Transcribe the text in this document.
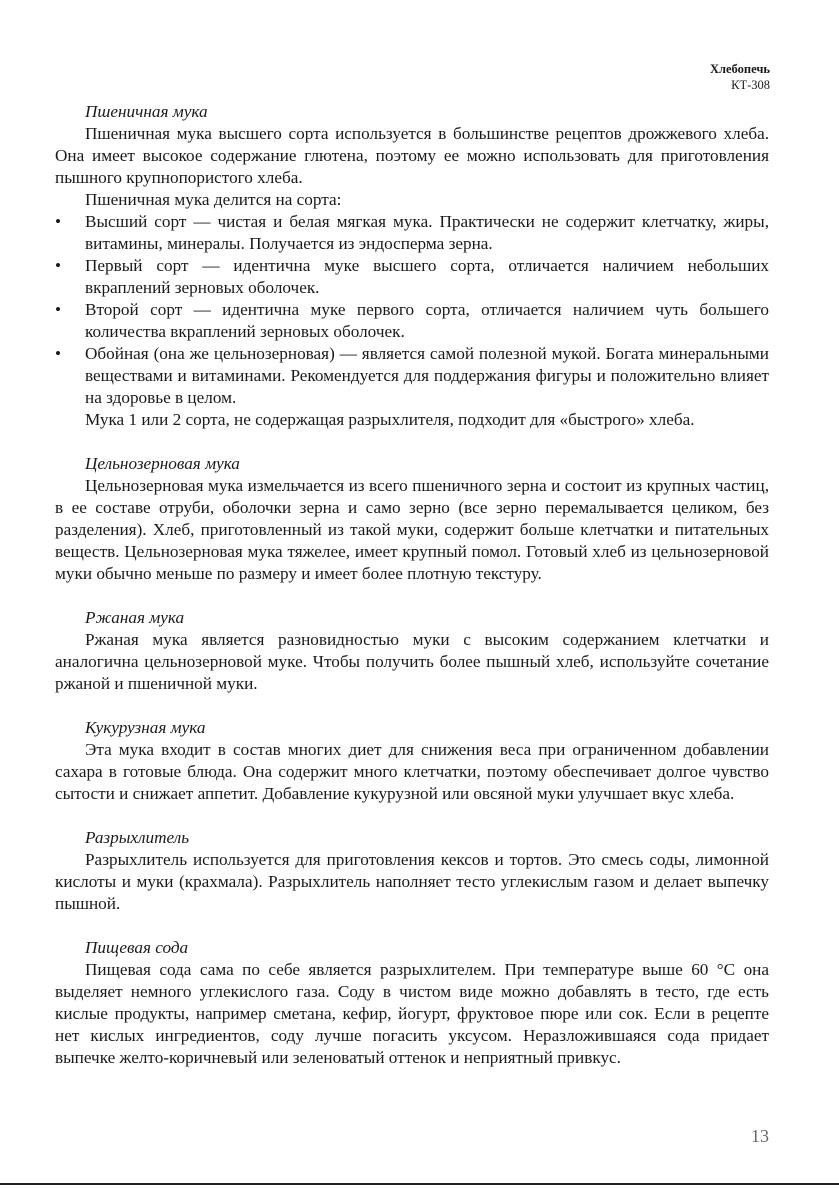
Хлебопечь
КТ-308
Пшеничная мука

Пшеничная мука высшего сорта используется в большинстве рецептов дрожжевого хлеба. Она имеет высокое содержание глютена, поэтому ее можно использовать для приготовления пышного крупнопористого хлеба.

Пшеничная мука делится на сорта:

• Высший сорт — чистая и белая мягкая мука. Практически не содержит клетчатку, жиры, витамины, минералы. Получается из эндосперма зерна.
• Первый сорт — идентична муке высшего сорта, отличается наличием небольших вкраплений зерновых оболочек.
• Второй сорт — идентична муке первого сорта, отличается наличием чуть большего количества вкраплений зерновых оболочек.
• Обойная (она же цельнозерновая) — является самой полезной мукой. Богата минеральными веществами и витаминами. Рекомендуется для поддержания фигуры и положительно влияет на здоровье в целом.

Мука 1 или 2 сорта, не содержащая разрыхлителя, подходит для «быстрого» хлеба.

Цельнозерновая мука

Цельнозерновая мука измельчается из всего пшеничного зерна и состоит из крупных частиц, в ее составе отруби, оболочки зерна и само зерно (все зерно перемалывается целиком, без разделения). Хлеб, приготовленный из такой муки, содержит больше клетчатки и питательных веществ. Цельнозерновая мука тяжелее, имеет крупный помол. Готовый хлеб из цельнозерновой муки обычно меньше по размеру и имеет более плотную текстуру.

Ржаная мука

Ржаная мука является разновидностью муки с высоким содержанием клетчатки и аналогична цельнозерновой муке. Чтобы получить более пышный хлеб, используйте сочетание ржаной и пшеничной муки.

Кукурузная мука

Эта мука входит в состав многих диет для снижения веса при ограниченном добавлении сахара в готовые блюда. Она содержит много клетчатки, поэтому обеспечивает долгое чувство сытости и снижает аппетит. Добавление кукурузной или овсяной муки улучшает вкус хлеба.

Разрыхлитель

Разрыхлитель используется для приготовления кексов и тортов. Это смесь соды, лимонной кислоты и муки (крахмала). Разрыхлитель наполняет тесто углекислым газом и делает выпечку пышной.

Пищевая сода

Пищевая сода сама по себе является разрыхлителем. При температуре выше 60 °С она выделяет немного углекислого газа. Соду в чистом виде можно добавлять в тесто, где есть кислые продукты, например сметана, кефир, йогурт, фруктовое пюре или сок. Если в рецепте нет кислых ингредиентов, соду лучше погасить уксусом. Неразложившаяся сода придает выпечке желто-коричневый или зеленоватый оттенок и неприятный привкус.

13
